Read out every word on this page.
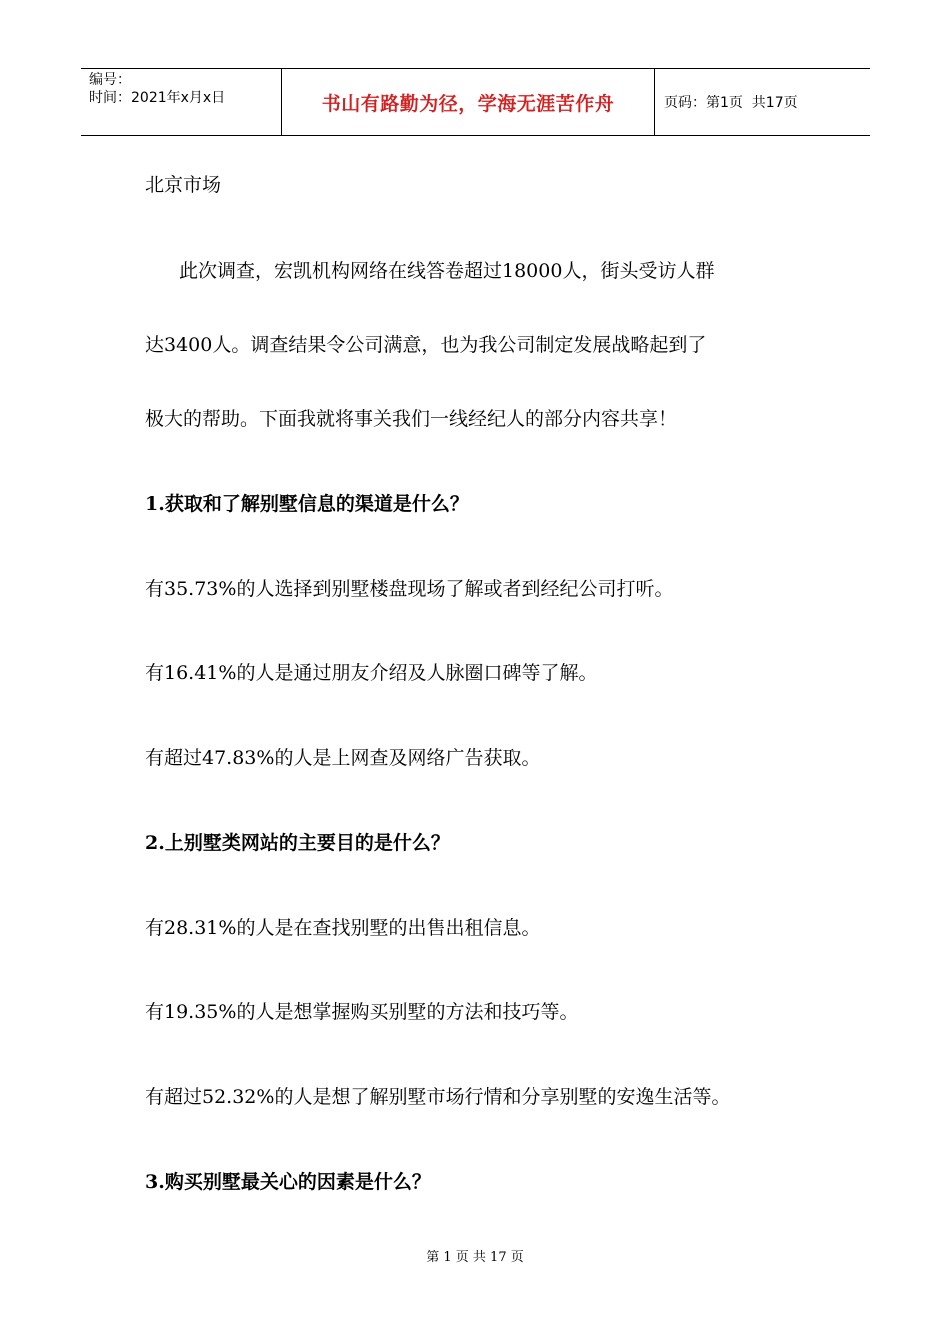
编号：
时间：2021年x月x日	书山有路勤为径，学海无涯苦作舟	页码：第1页  共17页
北京市场
此次调查，宏凯机构网络在线答卷超过18000人，街头受访人群
达3400人。调查结果令公司满意，也为我公司制定发展战略起到了
极大的帮助。下面我就将事关我们一线经纪人的部分内容共享！
1.获取和了解别墅信息的渠道是什么？
有35.73%的人选择到别墅楼盘现场了解或者到经纪公司打听。
有16.41%的人是通过朋友介绍及人脉圈口碑等了解。
有超过47.83%的人是上网查及网络广告获取。
2.上别墅类网站的主要目的是什么？
有28.31%的人是在查找别墅的出售出租信息。
有19.35%的人是想掌握购买别墅的方法和技巧等。
有超过52.32%的人是想了解别墅市场行情和分享别墅的安逸生活等。
3.购买别墅最关心的因素是什么？
第 1 页 共 17 页
